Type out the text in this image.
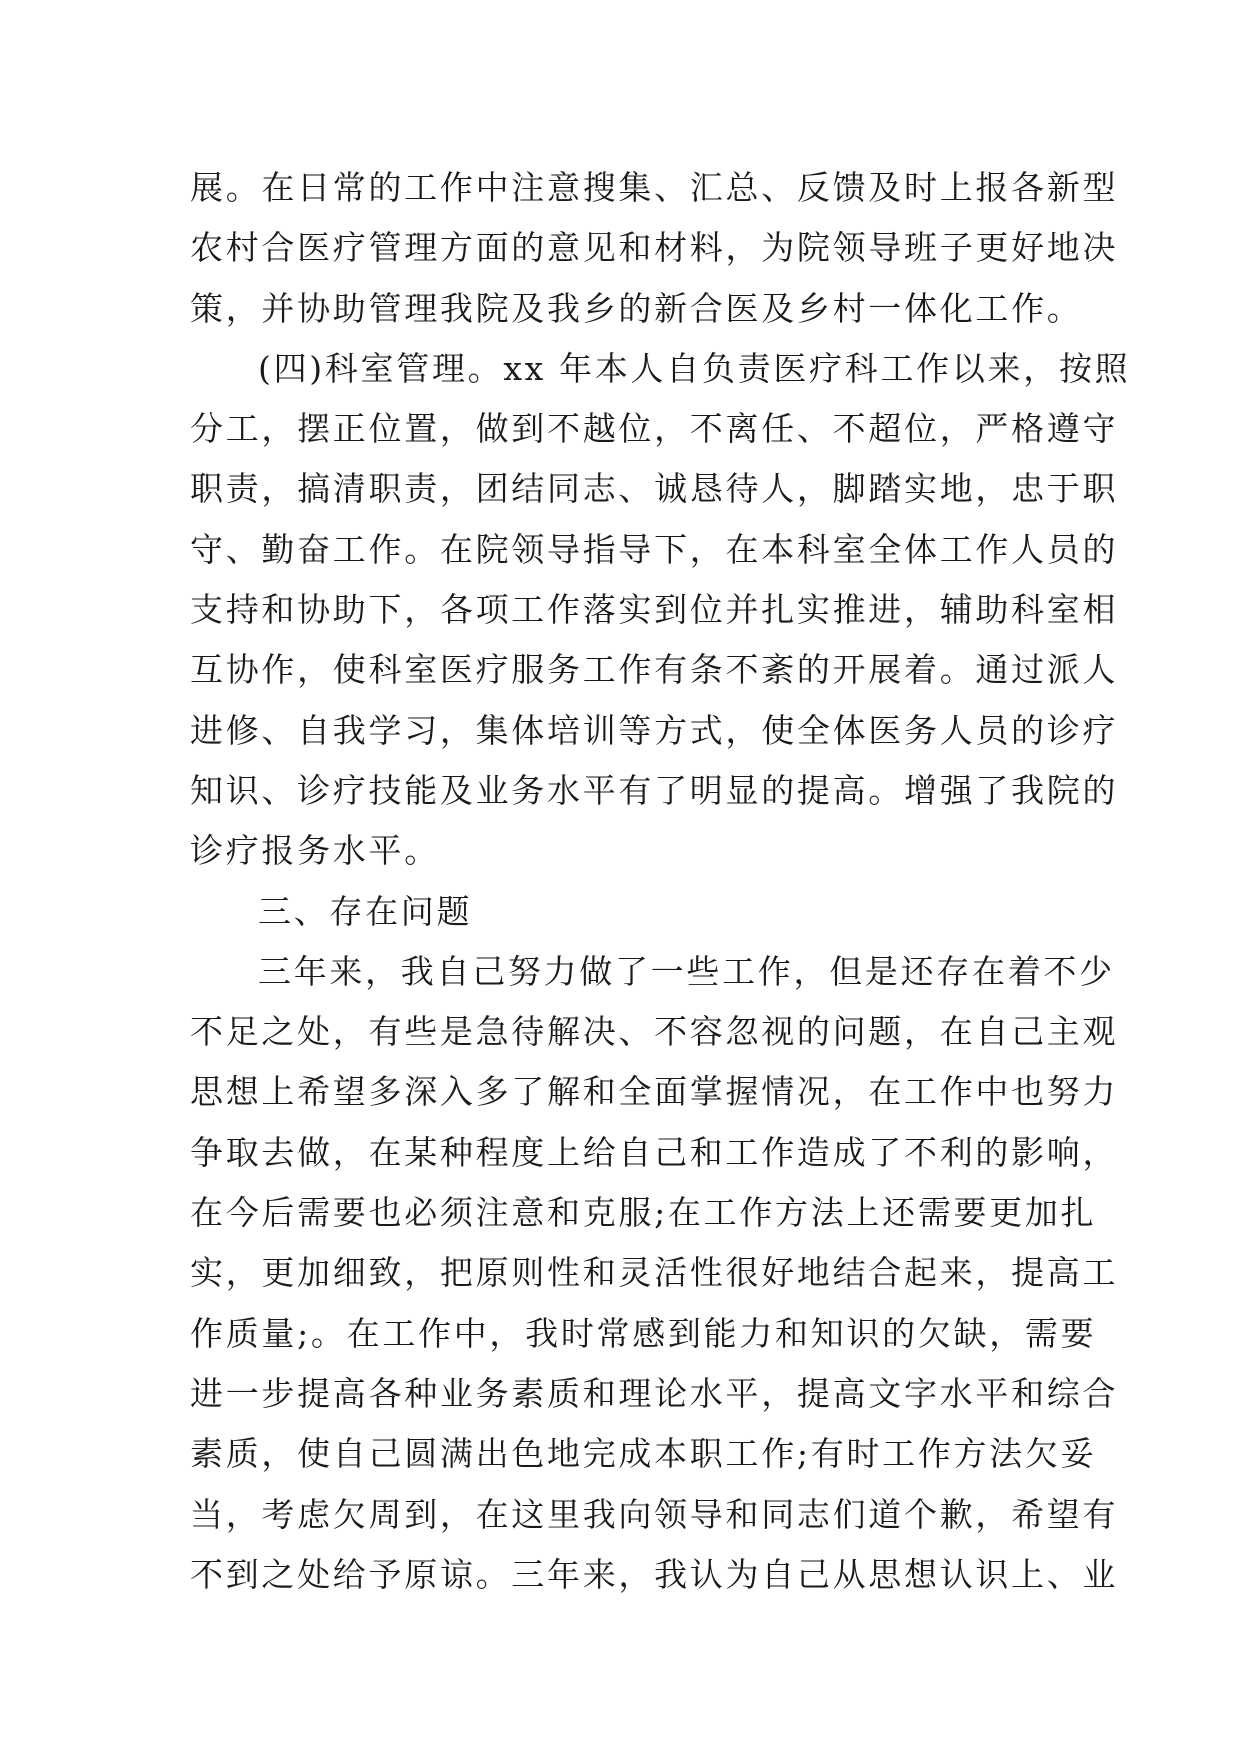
展。在日常的工作中注意搜集、汇总、反馈及时上报各新型
农村合医疗管理方面的意见和材料，为院领导班子更好地决
策，并协助管理我院及我乡的新合医及乡村一体化工作。
(四)科室管理。xx 年本人自负责医疗科工作以来，按照
分工，摆正位置，做到不越位，不离任、不超位，严格遵守
职责，搞清职责，团结同志、诚恳待人，脚踏实地，忠于职
守、勤奋工作。在院领导指导下，在本科室全体工作人员的
支持和协助下，各项工作落实到位并扎实推进，辅助科室相
互协作，使科室医疗服务工作有条不紊的开展着。通过派人
进修、自我学习，集体培训等方式，使全体医务人员的诊疗
知识、诊疗技能及业务水平有了明显的提高。增强了我院的
诊疗报务水平。
三、存在问题
三年来，我自己努力做了一些工作，但是还存在着不少
不足之处，有些是急待解决、不容忽视的问题，在自己主观
思想上希望多深入多了解和全面掌握情况，在工作中也努力
争取去做，在某种程度上给自己和工作造成了不利的影响，
在今后需要也必须注意和克服;在工作方法上还需要更加扎
实，更加细致，把原则性和灵活性很好地结合起来，提高工
作质量;。在工作中，我时常感到能力和知识的欠缺，需要
进一步提高各种业务素质和理论水平，提高文字水平和综合
素质，使自己圆满出色地完成本职工作;有时工作方法欠妥
当，考虑欠周到，在这里我向领导和同志们道个歉，希望有
不到之处给予原谅。三年来，我认为自己从思想认识上、业
